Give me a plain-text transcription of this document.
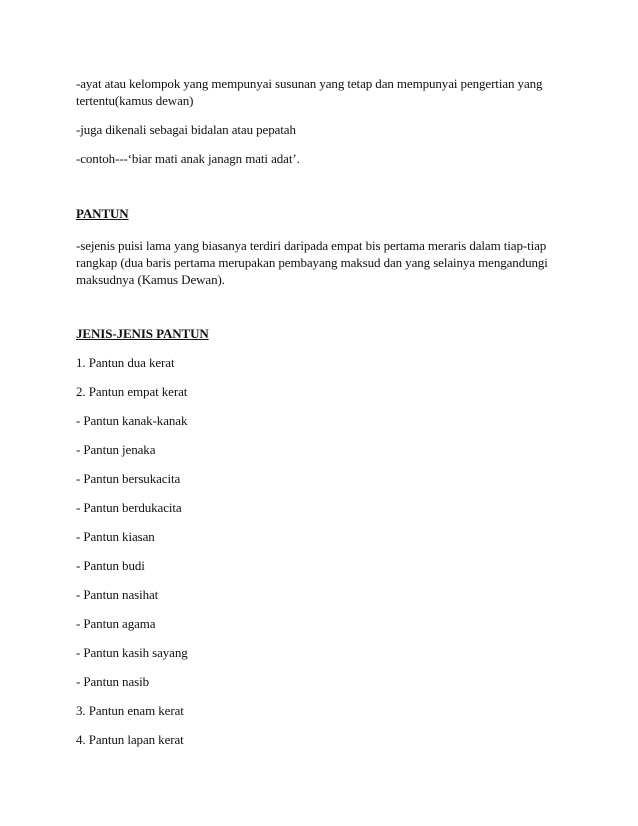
-ayat atau kelompok yang mempunyai susunan yang tetap dan mempunyai pengertian yang

tertentu(kamus dewan)

-juga dikenali sebagai bidalan atau pepatah

-contoh---‘biar mati anak janagn mati adat’.

PANTUN

-sejenis puisi lama yang biasanya terdiri daripada empat bis pertama meraris dalam tiap-tiap

rangkap (dua baris pertama merupakan pembayang maksud dan yang selainya mengandungi

maksudnya (Kamus Dewan).

JENIS-JENIS PANTUN

1. Pantun dua kerat

2. Pantun empat kerat

- Pantun kanak-kanak

- Pantun jenaka

- Pantun bersukacita

- Pantun berdukacita

- Pantun kiasan

- Pantun budi

- Pantun nasihat

- Pantun agama

- Pantun kasih sayang

- Pantun nasib

3. Pantun enam kerat

4. Pantun lapan kerat
